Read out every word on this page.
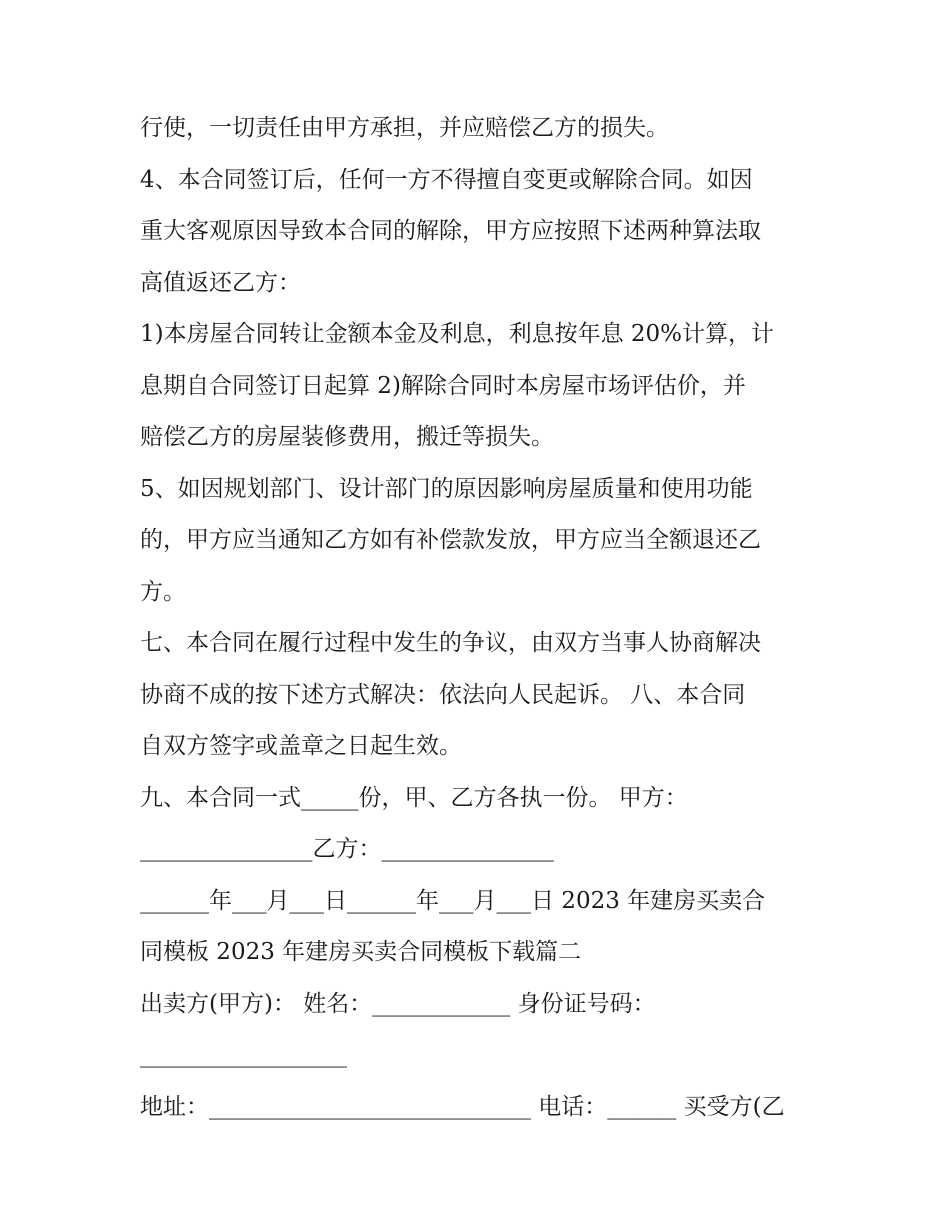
行使，一切责任由甲方承担，并应赔偿乙方的损失。
4、本合同签订后，任何一方不得擅自变更或解除合同。如因
重大客观原因导致本合同的解除，甲方应按照下述两种算法取
高值返还乙方：
1)本房屋合同转让金额本金及利息，利息按年息 20%计算，计
息期自合同签订日起算 2)解除合同时本房屋市场评估价，并
赔偿乙方的房屋装修费用，搬迁等损失。
5、如因规划部门、设计部门的原因影响房屋质量和使用功能
的，甲方应当通知乙方如有补偿款发放，甲方应当全额退还乙
方。
七、本合同在履行过程中发生的争议，由双方当事人协商解决
协商不成的按下述方式解决：依法向人民起诉。 八、本合同
自双方签字或盖章之日起生效。
九、本合同一式_____份，甲、乙方各执一份。 甲方：
_______________乙方：_______________
______年___月___日______年___月___日 2023 年建房买卖合
同模板 2023 年建房买卖合同模板下载篇二
出卖方(甲方)： 姓名：____________ 身份证号码：
__________________
地址：____________________________ 电话：______ 买受方(乙
